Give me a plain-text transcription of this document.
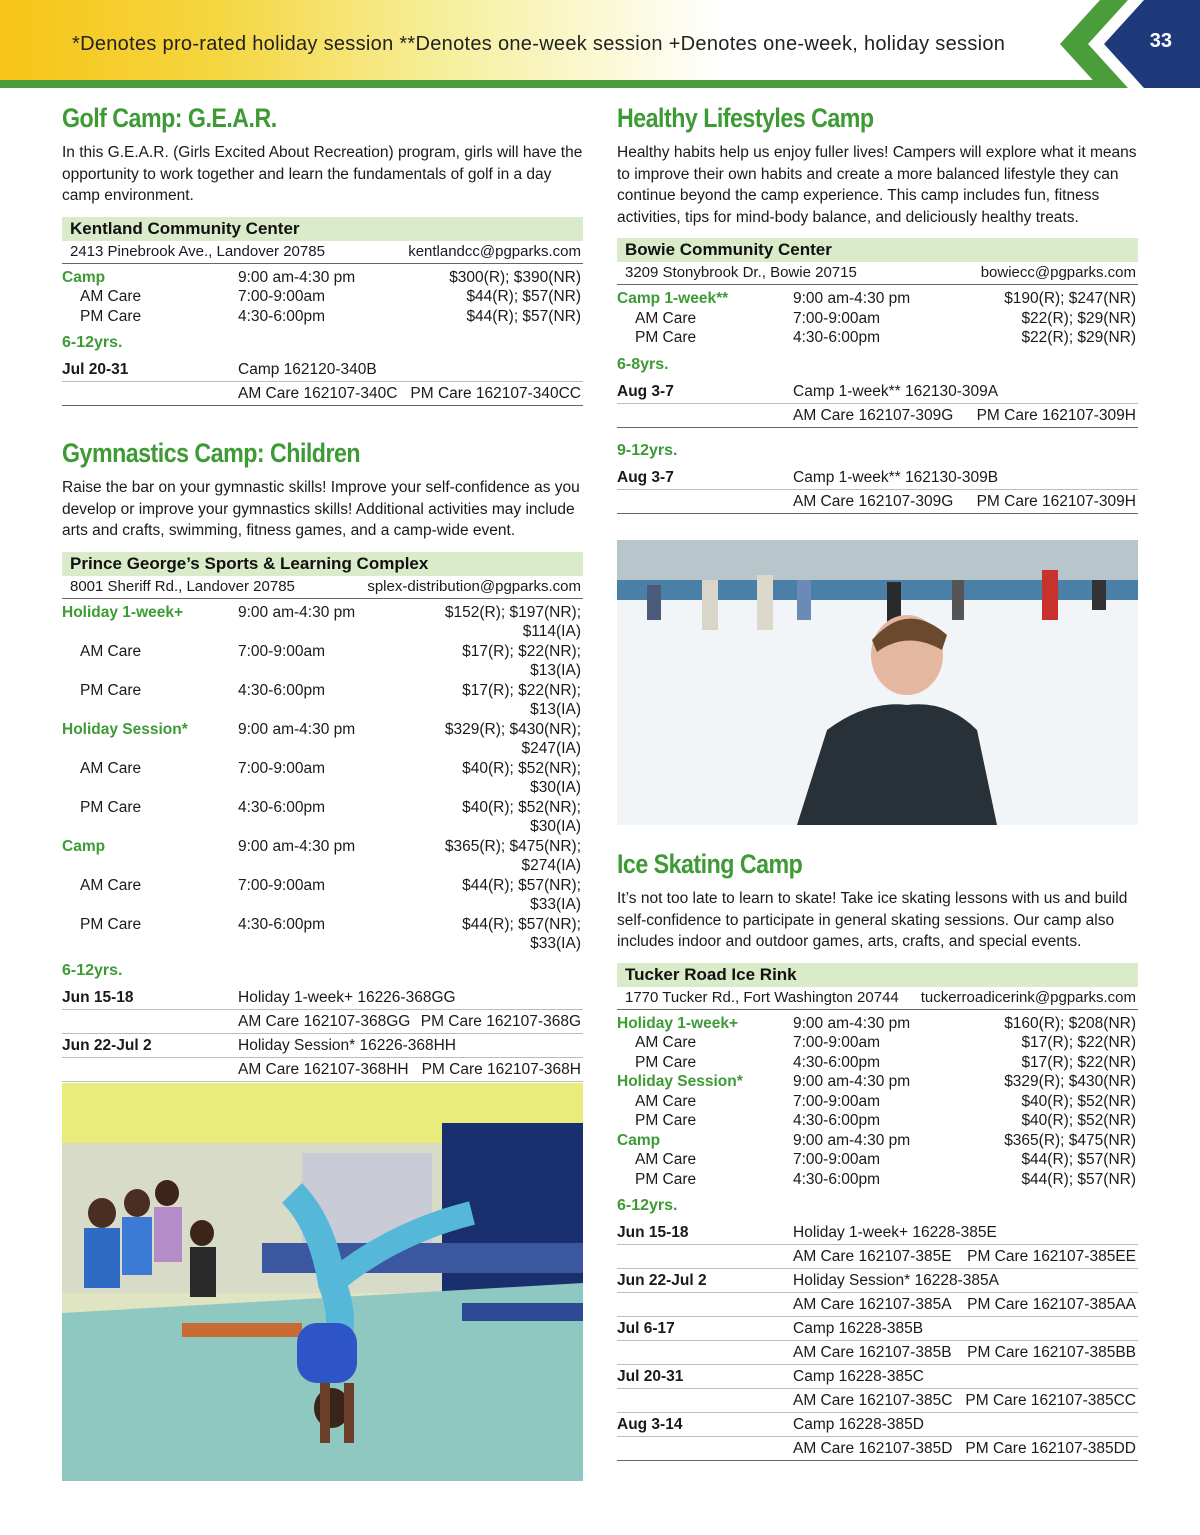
*Denotes pro-rated holiday session **Denotes one-week session +Denotes one-week, holiday session	33
Golf Camp: G.E.A.R.
In this G.E.A.R. (Girls Excited About Recreation) program, girls will have the opportunity to work together and learn the fundamentals of golf in a day camp environment.
Kentland Community Center
2413 Pinebrook Ave., Landover 20785	kentlandcc@pgparks.com
Camp	9:00 am-4:30 pm	$300(R); $390(NR)
AM Care	7:00-9:00am	$44(R); $57(NR)
PM Care	4:30-6:00pm	$44(R); $57(NR)
6-12yrs.
Jul 20-31	Camp 162120-340B
AM Care 162107-340C PM Care 162107-340CC
Gymnastics Camp: Children
Raise the bar on your gymnastic skills! Improve your self-confidence as you develop or improve your gymnastics skills! Additional activities may include arts and crafts, swimming, fitness games, and a camp-wide event.
Prince George’s Sports & Learning Complex
8001 Sheriff Rd., Landover 20785	splex-distribution@pgparks.com
Holiday 1-week+	9:00 am-4:30 pm	$152(R); $197(NR); $114(IA)
AM Care	7:00-9:00am	$17(R); $22(NR); $13(IA)
PM Care	4:30-6:00pm	$17(R); $22(NR); $13(IA)
Holiday Session*	9:00 am-4:30 pm	$329(R); $430(NR); $247(IA)
AM Care	7:00-9:00am	$40(R); $52(NR); $30(IA)
PM Care	4:30-6:00pm	$40(R); $52(NR); $30(IA)
Camp	9:00 am-4:30 pm	$365(R); $475(NR); $274(IA)
AM Care	7:00-9:00am	$44(R); $57(NR); $33(IA)
PM Care	4:30-6:00pm	$44(R); $57(NR); $33(IA)
6-12yrs.
Jun 15-18	Holiday 1-week+ 16226-368GG
AM Care 162107-368GG PM Care 162107-368G
Jun 22-Jul 2	Holiday Session* 16226-368HH
AM Care 162107-368HH PM Care 162107-368H
Healthy Lifestyles Camp
Healthy habits help us enjoy fuller lives! Campers will explore what it means to improve their own habits and create a more balanced lifestyle they can continue beyond the camp experience. This camp includes fun, fitness activities, tips for mind-body balance, and deliciously healthy treats.
Bowie Community Center
3209 Stonybrook Dr., Bowie 20715	bowiecc@pgparks.com
Camp 1-week**	9:00 am-4:30 pm	$190(R); $247(NR)
AM Care	7:00-9:00am	$22(R); $29(NR)
PM Care	4:30-6:00pm	$22(R); $29(NR)
6-8yrs.
Aug 3-7	Camp 1-week** 162130-309A
AM Care 162107-309G PM Care 162107-309H
9-12yrs.
Aug 3-7	Camp 1-week** 162130-309B
AM Care 162107-309G PM Care 162107-309H
Ice Skating Camp
It’s not too late to learn to skate! Take ice skating lessons with us and build self-confidence to participate in general skating sessions. Our camp also includes indoor and outdoor games, arts, crafts, and special events.
Tucker Road Ice Rink
1770 Tucker Rd., Fort Washington 20744 tuckerroadicerink@pgparks.com
Holiday 1-week+	9:00 am-4:30 pm	$160(R); $208(NR)
AM Care	7:00-9:00am	$17(R); $22(NR)
PM Care	4:30-6:00pm	$17(R); $22(NR)
Holiday Session*	9:00 am-4:30 pm	$329(R); $430(NR)
AM Care	7:00-9:00am	$40(R); $52(NR)
PM Care	4:30-6:00pm	$40(R); $52(NR)
Camp	9:00 am-4:30 pm	$365(R); $475(NR)
AM Care	7:00-9:00am	$44(R); $57(NR)
PM Care	4:30-6:00pm	$44(R); $57(NR)
6-12yrs.
Jun 15-18	Holiday 1-week+ 16228-385E
AM Care 162107-385E PM Care 162107-385EE
Jun 22-Jul 2	Holiday Session* 16228-385A
AM Care 162107-385A PM Care 162107-385AA
Jul 6-17	Camp 16228-385B
AM Care 162107-385B PM Care 162107-385BB
Jul 20-31	Camp 16228-385C
AM Care 162107-385C PM Care 162107-385CC
Aug 3-14	Camp 16228-385D
AM Care 162107-385D PM Care 162107-385DD
